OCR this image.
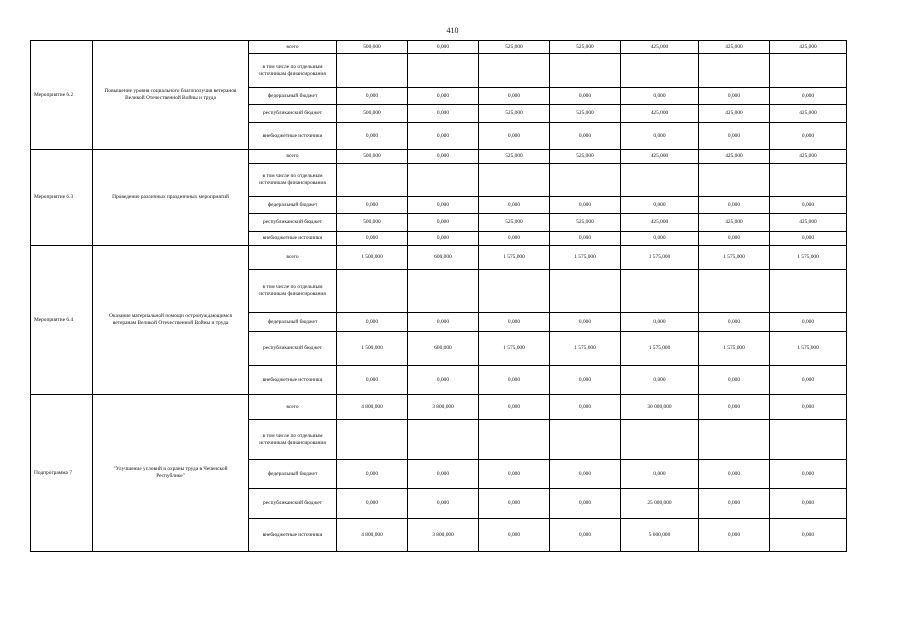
410
Мероприятие 6.2	Повышение уровня социального благополучия ветеранов Великой Отечественной Войны и труда	всего	500,000	0,000	525,000	525,000	425,000	425,000	425,000
		в том числе по отдельным источникам финансирования							
		федеральный бюджет	0,000	0,000	0,000	0,000	0,000	0,000	0,000
		республиканский бюджет	500,000	0,000	525,000	525,000	425,000	425,000	425,000
		внебюджетные источники	0,000	0,000	0,000	0,000	0,000	0,000	0,000
Мероприятие 6.3	Проведение различных праздничных мероприятий	всего	500,000	0,000	525,000	525,000	425,000	425,000	425,000
		в том числе по отдельным источникам финансирования							
		федеральный бюджет	0,000	0,000	0,000	0,000	0,000	0,000	0,000
		республиканский бюджет	500,000	0,000	525,000	525,000	425,000	425,000	425,000
		внебюджетные источники	0,000	0,000	0,000	0,000	0,000	0,000	0,000
Мероприятие 6.4	Оказание материальной помощи остронуждающимся ветеранам Великой Отечественной Войны и труда	всего	1 500,000	600,000	1 575,000	1 575,000	1 575,000	1 575,000	1 575,000
		в том числе по отдельным источникам финансирования							
		федеральный бюджет	0,000	0,000	0,000	0,000	0,000	0,000	0,000
		республиканский бюджет	1 500,000	600,000	1 575,000	1 575,000	1 575,000	1 575,000	1 575,000
		внебюджетные источники	0,000	0,000	0,000	0,000	0,000	0,000	0,000
Подпрограмма 7	"Улучшение условий и охраны труда в Чеченской Республике"	всего	4 800,000	3 800,000	0,000	0,000	30 000,000	0,000	0,000
		в том числе по отдельным источникам финансирования							
		федеральный бюджет	0,000	0,000	0,000	0,000	0,000	0,000	0,000
		республиканский бюджет	0,000	0,000	0,000	0,000	25 000,000	0,000	0,000
		внебюджетные источники	4 800,000	3 800,000	0,000	0,000	5 000,000	0,000	0,000
